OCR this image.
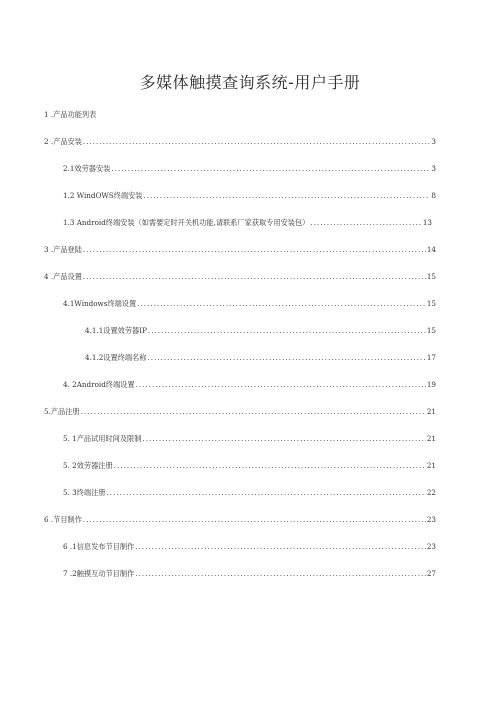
多媒体触摸查询系统-用户手册
1 .产品功能列表
2 .产品安装 .....	3
2.1效劳器安装 .....	3
1.2 WindOWS终端安装 .....	8
1.3 Android终端安装（如需要定时开关机功能,请联系厂家获取专用安装包） .....	13
3 .产品登陆 .....	14
4 .产品设置 .....	15
4.1Windows终端设置 .....	15
4.1.1设置效劳器IP .....	15
4.1.2设置终端名称 .....	17
4. 2Android终端设置 .....	19
5.产品注册 .....	21
5. 1产品试用时间及限制 .....	21
5. 2效劳器注册 .....	21
5. 3终端注册 .....	22
6 .节目制作 .....	23
6 .1信息发布节目制作 .....	23
7 .2触摸互动节目制作 .....	27
